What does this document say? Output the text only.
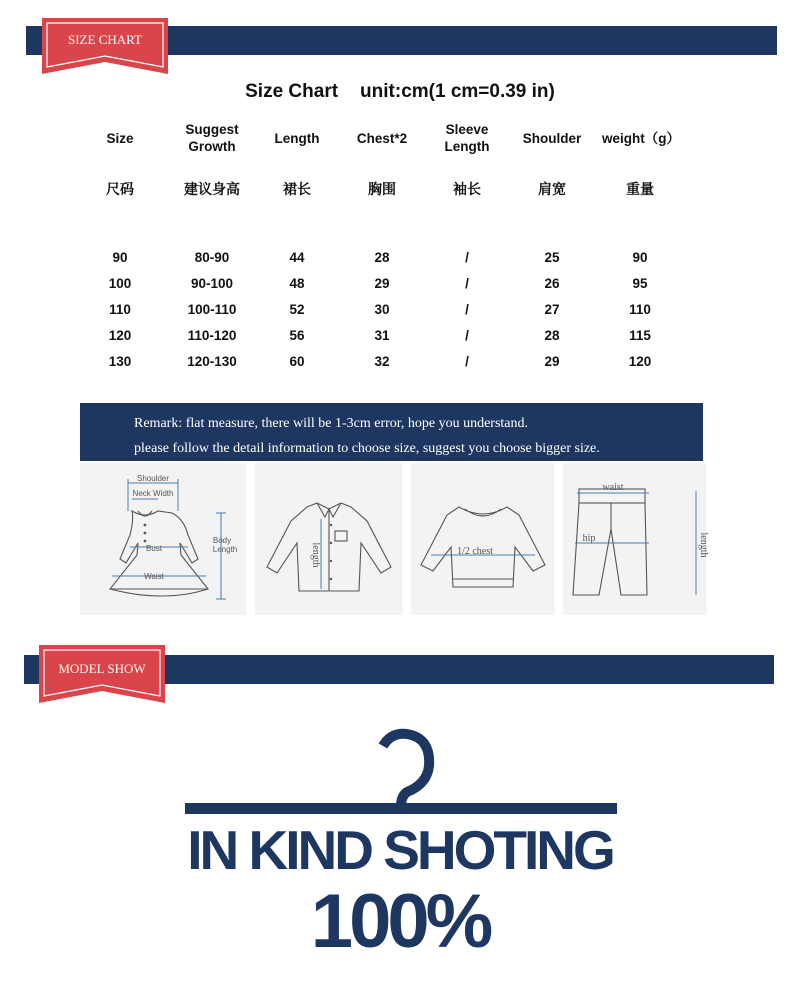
SIZE CHART
Size Chart unit:cm(1 cm=0.39 in)
Size	Suggest Growth	Length	Chest*2	Sleeve Length	Shoulder	weight（g）
尺码	建议身高	裙长	胸围	袖长	肩宽	重量

90	80-90	44	28	/	25	90
100	90-100	48	29	/	26	95
110	100-110	52	30	/	27	110
120	110-120	56	31	/	28	115
130	120-130	60	32	/	29	120
Remark: flat measure, there will be 1-3cm error, hope you understand.
please follow the detail information to choose size, suggest you choose bigger size.
Shoulder
Neck Width
Bust
Waist
Body
Length	length	1/2 chest
waist
hip	length
MODEL SHOW
IN KIND SHOTING
100%
